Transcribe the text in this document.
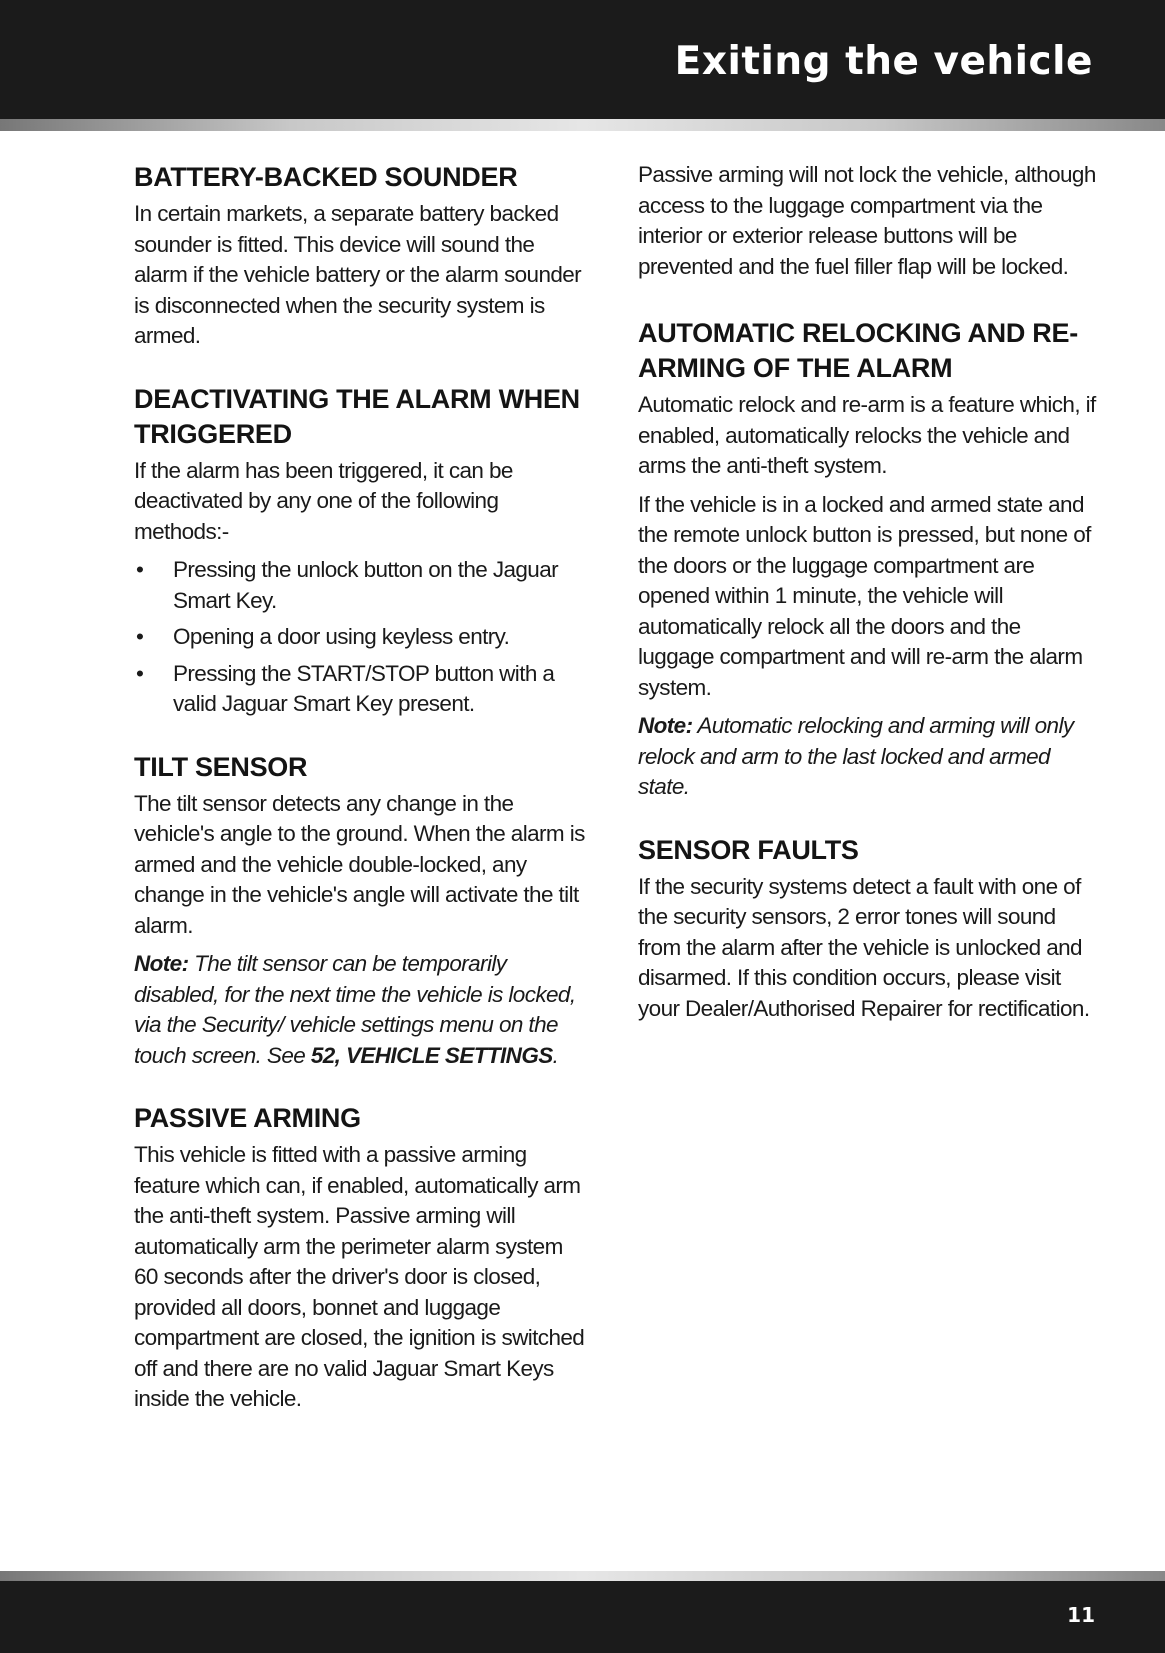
Exiting the vehicle
BATTERY-BACKED SOUNDER

In certain markets, a separate battery backed sounder is fitted. This device will sound the alarm if the vehicle battery or the alarm sounder is disconnected when the security system is armed.

DEACTIVATING THE ALARM WHEN TRIGGERED

If the alarm has been triggered, it can be deactivated by any one of the following methods:-

• Pressing the unlock button on the Jaguar Smart Key.
• Opening a door using keyless entry.
• Pressing the START/STOP button with a valid Jaguar Smart Key present.
TILT SENSOR

The tilt sensor detects any change in the vehicle's angle to the ground. When the alarm is armed and the vehicle double-locked, any change in the vehicle's angle will activate the tilt alarm.

Note: The tilt sensor can be temporarily disabled, for the next time the vehicle is locked, via the Security/ vehicle settings menu on the touch screen. See 52, VEHICLE SETTINGS.

PASSIVE ARMING

This vehicle is fitted with a passive arming feature which can, if enabled, automatically arm the anti-theft system. Passive arming will automatically arm the perimeter alarm system 60 seconds after the driver's door is closed, provided all doors, bonnet and luggage compartment are closed, the ignition is switched off and there are no valid Jaguar Smart Keys inside the vehicle.

Passive arming will not lock the vehicle, although access to the luggage compartment via the interior or exterior release buttons will be prevented and the fuel filler flap will be locked.

AUTOMATIC RELOCKING AND RE-ARMING OF THE ALARM

Automatic relock and re-arm is a feature which, if enabled, automatically relocks the vehicle and arms the anti-theft system.

If the vehicle is in a locked and armed state and the remote unlock button is pressed, but none of the doors or the luggage compartment are opened within 1 minute, the vehicle will automatically relock all the doors and the luggage compartment and will re-arm the alarm system.

Note: Automatic relocking and arming will only relock and arm to the last locked and armed state.

SENSOR FAULTS

If the security systems detect a fault with one of the security sensors, 2 error tones will sound from the alarm after the vehicle is unlocked and disarmed. If this condition occurs, please visit your Dealer/Authorised Repairer for rectification.

11
